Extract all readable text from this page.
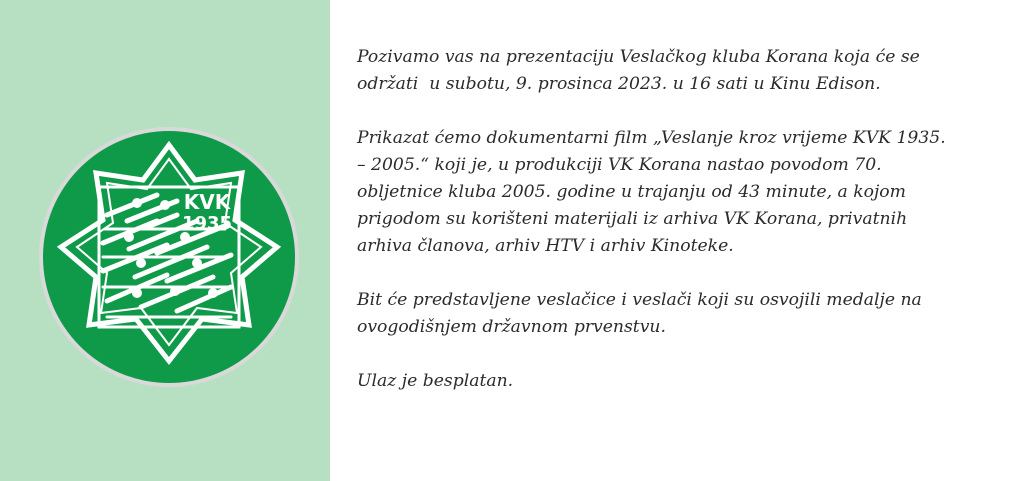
KVK
1935

Pozivamo vas na prezentaciju Veslačkog kluba Korana koja će se
održati  u subotu, 9. prosinca 2023. u 16 sati u Kinu Edison.

Prikazat ćemo dokumentarni film „Veslanje kroz vrijeme KVK 1935.
– 2005.“ koji je, u produkciji VK Korana nastao povodom 70.
obljetnice kluba 2005. godine u trajanju od 43 minute, a kojom
prigodom su korišteni materijali iz arhiva VK Korana, privatnih
arhiva članova, arhiv HTV i arhiv Kinoteke.

Bit će predstavljene veslačice i veslači koji su osvojili medalje na
ovogodišnjem državnom prvenstvu.

Ulaz je besplatan.
